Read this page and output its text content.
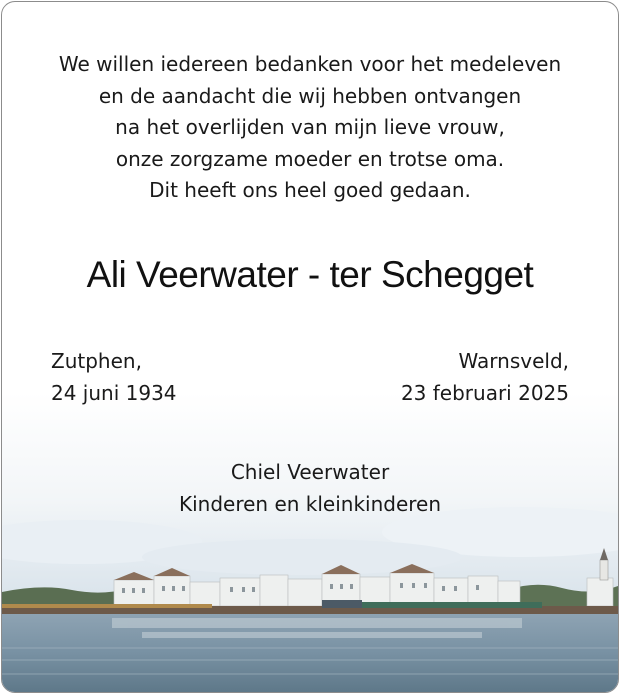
We willen iedereen bedanken voor het medeleven
en de aandacht die wij hebben ontvangen
na het overlijden van mijn lieve vrouw,
onze zorgzame moeder en trotse oma.
Dit heeft ons heel goed gedaan.
Ali Veerwater - ter Schegget
Zutphen,
24 juni 1934
Warnsveld,
23 februari 2025
Chiel Veerwater
Kinderen en kleinkinderen
